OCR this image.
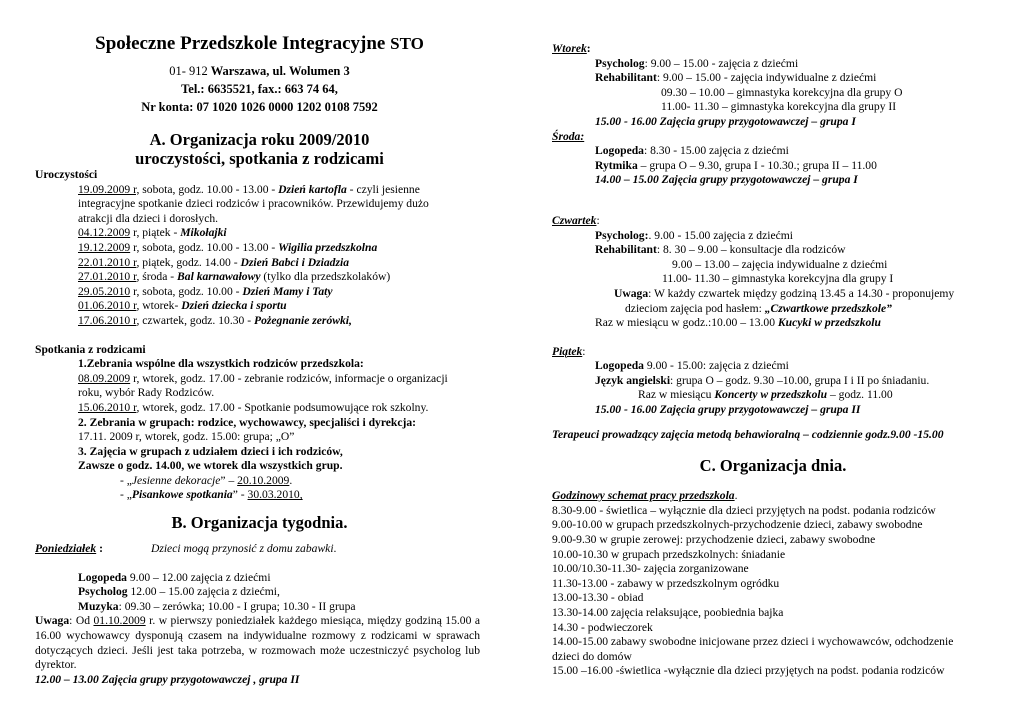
Społeczne Przedszkole Integracyjne STO
01- 912 Warszawa, ul. Wolumen 3
Tel.: 6635521, fax.: 663 74 64,
Nr konta: 07 1020 1026 0000 1202 0108 7592
A. Organizacja roku 2009/2010
uroczystości, spotkania z rodzicami
Uroczystości
19.09.2009 r, sobota, godz. 10.00 - 13.00 - Dzień kartofla - czyli jesienne
integracyjne spotkanie dzieci rodziców i pracowników. Przewidujemy dużo
atrakcji dla dzieci i dorosłych.
04.12.2009 r, piątek - Mikołajki
19.12.2009 r, sobota, godz. 10.00 - 13.00 - Wigilia przedszkolna
22.01.2010 r, piątek, godz. 14.00 - Dzień Babci i Dziadzia
27.01.2010 r, środa - Bal karnawałowy (tylko dla przedszkolaków)
29.05.2010 r, sobota, godz. 10.00 - Dzień Mamy i Taty
01.06.2010 r, wtorek- Dzień dziecka i sportu
17.06.2010 r, czwartek, godz. 10.30 - Pożegnanie zerówki,
Spotkania z rodzicami
1.Zebrania wspólne dla wszystkich rodziców przedszkola:
08.09.2009 r, wtorek, godz. 17.00 - zebranie rodziców, informacje o organizacji
roku, wybór Rady Rodziców.
15.06.2010 r, wtorek, godz. 17.00 - Spotkanie podsumowujące rok szkolny.
2. Zebrania w grupach: rodzice, wychowawcy, specjaliści i dyrekcja:
17.11. 2009 r, wtorek, godz. 15.00: grupa; „O”
3. Zajęcia w grupach z udziałem dzieci i ich rodziców,
Zawsze o godz. 14.00, we wtorek dla wszystkich grup.
- „Jesienne dekoracje” – 20.10.2009.
- „Pisankowe spotkania” - 30.03.2010,
B. Organizacja tygodnia.
Poniedziałek :	Dzieci mogą przynosić z domu zabawki.
Logopeda 9.00 – 12.00 zajęcia z dziećmi
Psycholog 12.00 – 15.00 zajęcia z dziećmi,
Muzyka: 09.30 – zerówka; 10.00 - I grupa; 10.30 - II grupa
Uwaga: Od 01.10.2009 r. w pierwszy poniedziałek każdego miesiąca, między godziną 15.00 a 16.00 wychowawcy dysponują czasem na indywidualne rozmowy z rodzicami w sprawach dotyczących dzieci. Jeśli jest taka potrzeba, w rozmowach może uczestniczyć psycholog lub dyrektor.
12.00 – 13.00 Zajęcia grupy przygotowawczej , grupa II
Wtorek:
Psycholog: 9.00 – 15.00 - zajęcia z dziećmi
Rehabilitant: 9.00 – 15.00 - zajęcia indywidualne z dziećmi
09.30 – 10.00 – gimnastyka korekcyjna dla grupy O
11.00- 11.30 – gimnastyka korekcyjna dla grupy II
15.00 - 16.00 Zajęcia grupy przygotowawczej – grupa I
Środa:
Logopeda: 8.30 - 15.00 zajęcia z dziećmi
Rytmika – grupa O – 9.30, grupa I - 10.30.; grupa II – 11.00
14.00 – 15.00 Zajęcia grupy przygotowawczej – grupa I
Czwartek:
Psycholog:. 9.00 - 15.00 zajęcia z dziećmi
Rehabilitant: 8. 30 – 9.00 – konsultacje dla rodziców
9.00 – 13.00 – zajęcia indywidualne z dziećmi
11.00- 11.30 – gimnastyka korekcyjna dla grupy I
Uwaga: W każdy czwartek między godziną 13.45 a 14.30 - proponujemy
dzieciom zajęcia pod hasłem: „Czwartkowe przedszkole”
Raz w miesiącu w godz.:10.00 – 13.00 Kucyki w przedszkolu
Piątek:
Logopeda 9.00 - 15.00: zajęcia z dziećmi
Język angielski: grupa O – godz. 9.30 –10.00, grupa I i II po śniadaniu.
Raz w miesiącu Koncerty w przedszkolu – godz. 11.00
15.00 - 16.00 Zajęcia grupy przygotowawczej – grupa II
Terapeuci prowadzący zajęcia metodą behawioralną – codziennie godz.9.00 -15.00
C. Organizacja dnia.
Godzinowy schemat pracy przedszkola.
8.30-9.00 - świetlica – wyłącznie dla dzieci przyjętych na podst. podania rodziców
9.00-10.00 w grupach przedszkolnych-przychodzenie dzieci, zabawy swobodne
9.00-9.30 w grupie zerowej: przychodzenie dzieci, zabawy swobodne
10.00-10.30 w grupach przedszkolnych: śniadanie
10.00/10.30-11.30- zajęcia zorganizowane
11.30-13.00 - zabawy w przedszkolnym ogródku
13.00-13.30 - obiad
13.30-14.00 zajęcia relaksujące, poobiednia bajka
14.30 - podwieczorek
14.00-15.00 zabawy swobodne inicjowane przez dzieci i wychowawców, odchodzenie dzieci do domów
15.00 –16.00 -świetlica -wyłącznie dla dzieci przyjętych na podst. podania rodziców
